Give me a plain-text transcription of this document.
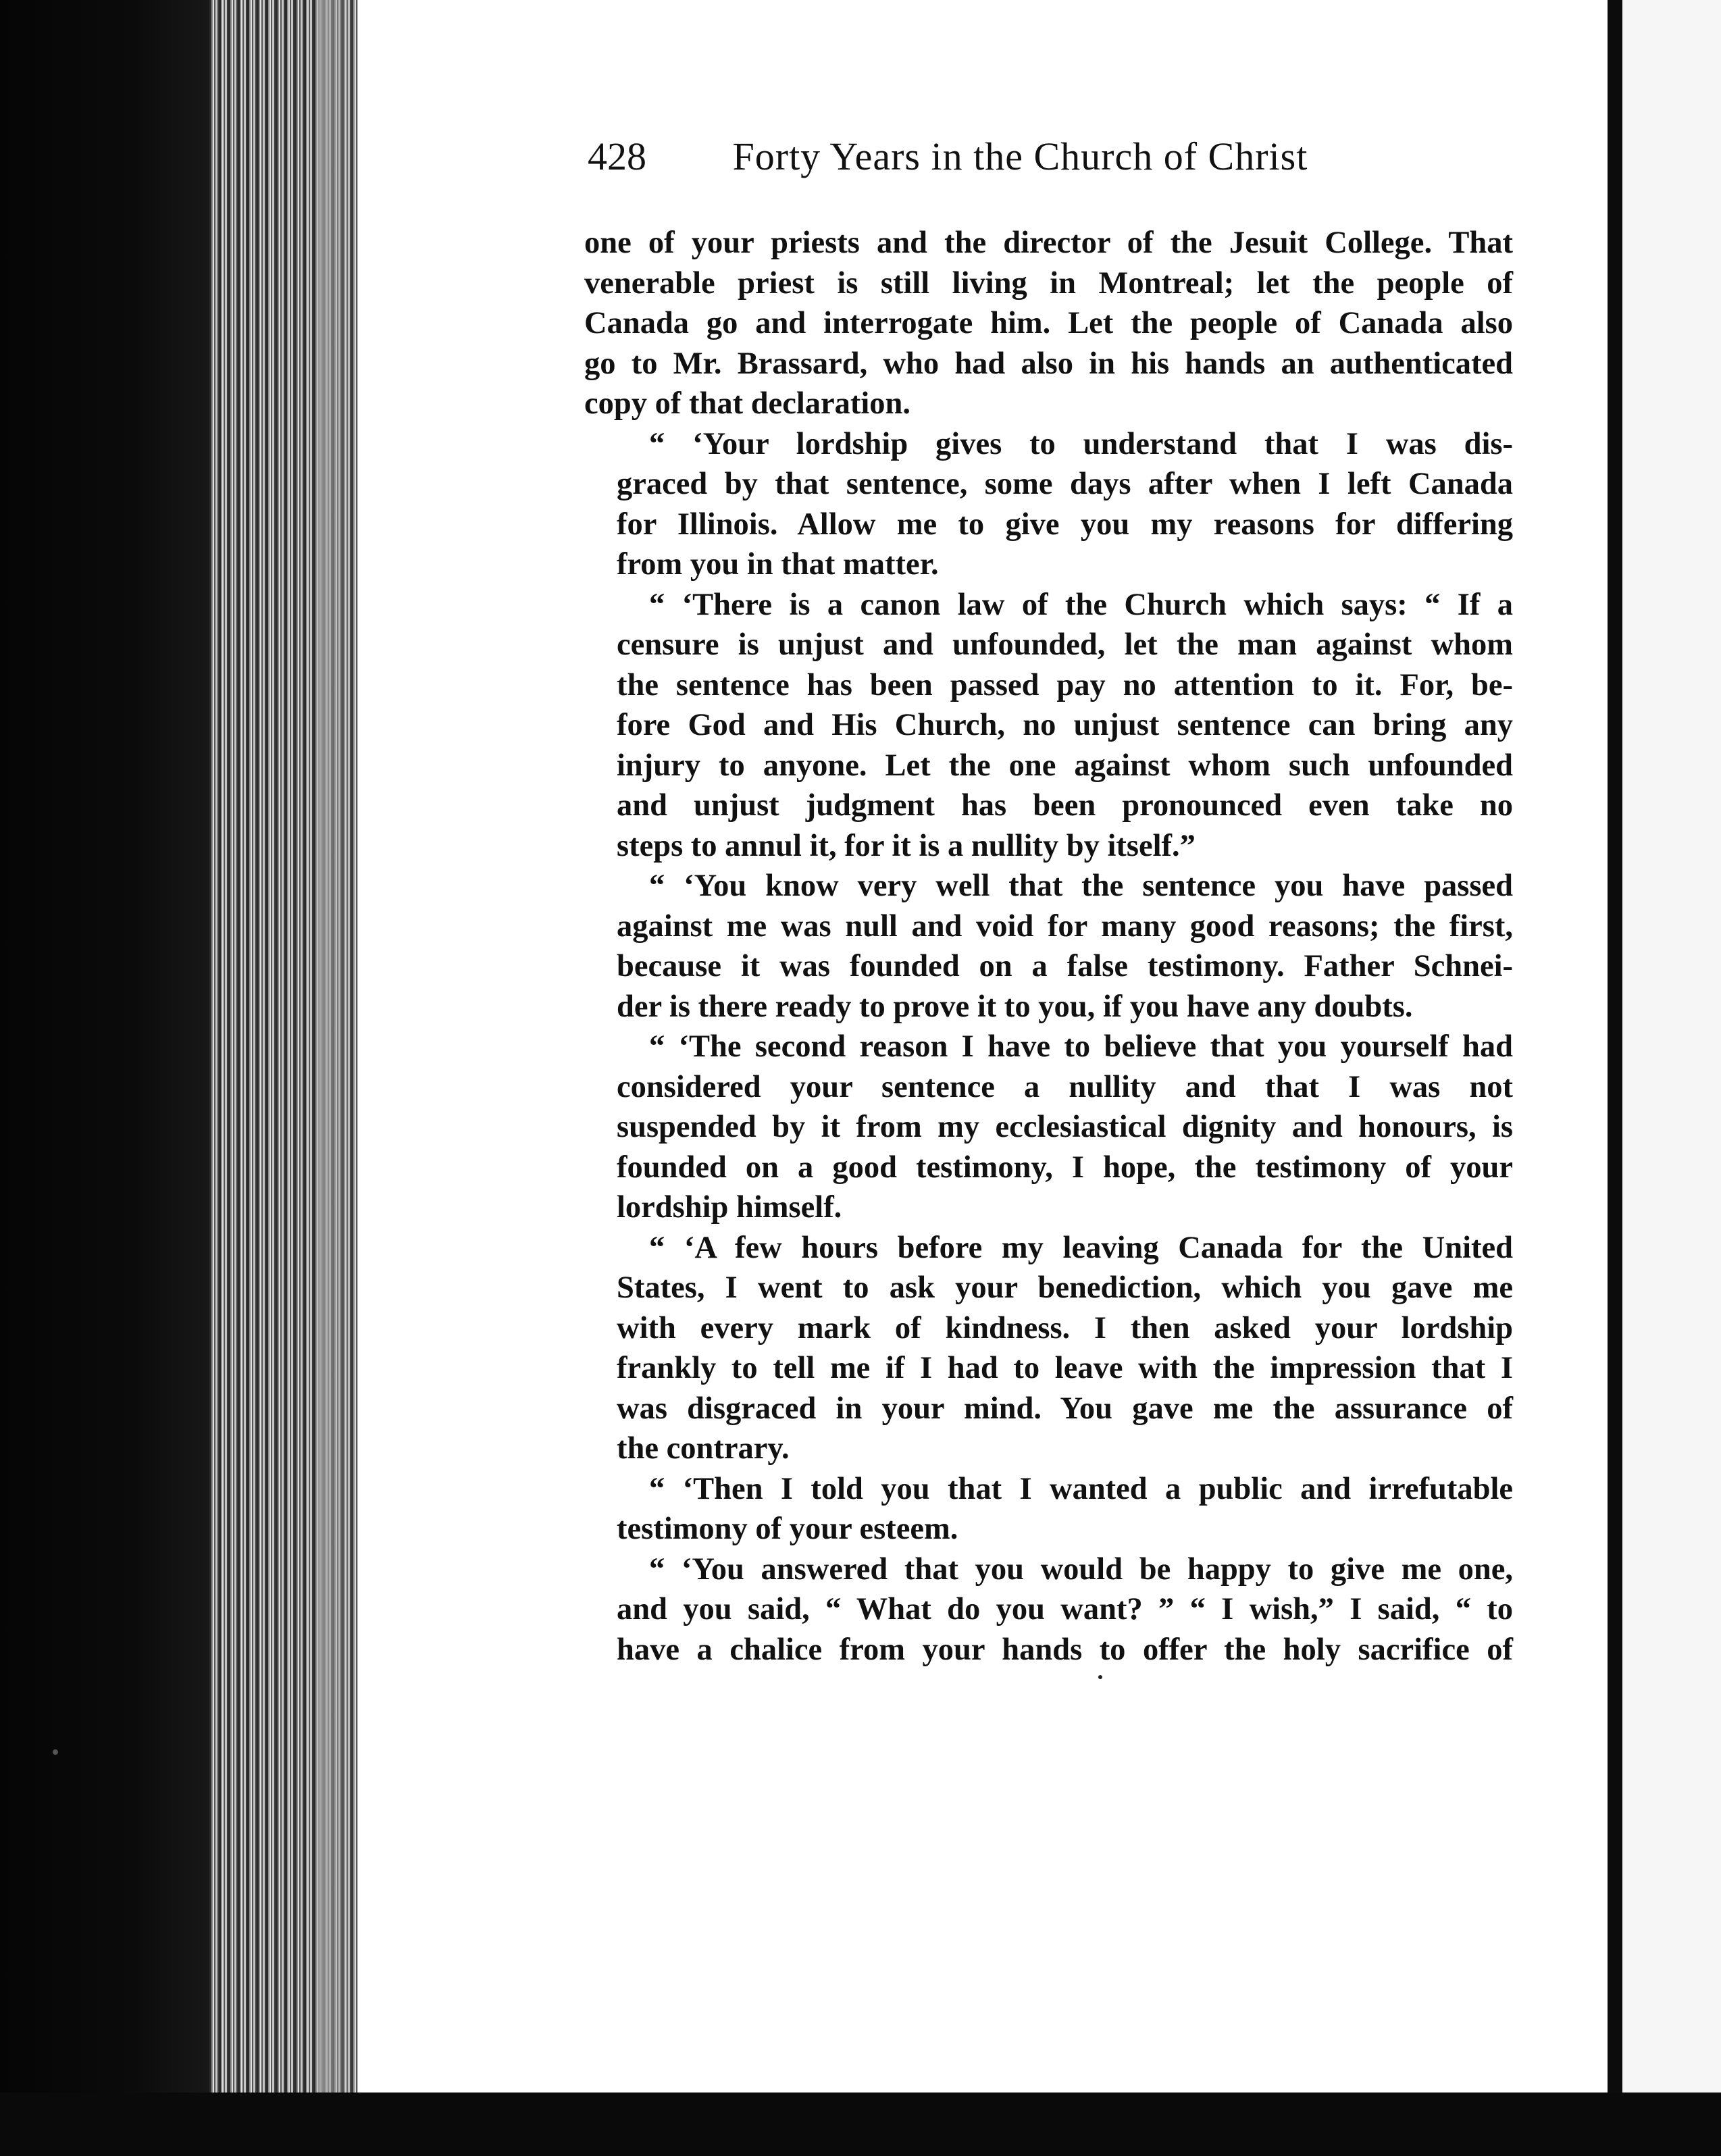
428 Forty Years in the Church of Christ
one of your priests and the director of the Jesuit College. That
venerable priest is still living in Montreal; let the people of
Canada go and interrogate him. Let the people of Canada also
go to Mr. Brassard, who had also in his hands an authenticated
copy of that declaration.
“ ‘Your lordship gives to understand that I was dis-
graced by that sentence, some days after when I left Canada
for Illinois. Allow me to give you my reasons for differing
from you in that matter.
“ ‘There is a canon law of the Church which says: “ If a
censure is unjust and unfounded, let the man against whom
the sentence has been passed pay no attention to it. For, be-
fore God and His Church, no unjust sentence can bring any
injury to anyone. Let the one against whom such unfounded
and unjust judgment has been pronounced even take no
steps to annul it, for it is a nullity by itself.”
“ ‘You know very well that the sentence you have passed
against me was null and void for many good reasons; the first,
because it was founded on a false testimony. Father Schnei-
der is there ready to prove it to you, if you have any doubts.
“ ‘The second reason I have to believe that you yourself had
considered your sentence a nullity and that I was not
suspended by it from my ecclesiastical dignity and honours, is
founded on a good testimony, I hope, the testimony of your
lordship himself.
“ ‘A few hours before my leaving Canada for the United
States, I went to ask your benediction, which you gave me
with every mark of kindness. I then asked your lordship
frankly to tell me if I had to leave with the impression that I
was disgraced in your mind. You gave me the assurance of
the contrary.
“ ‘Then I told you that I wanted a public and irrefutable
testimony of your esteem.
“ ‘You answered that you would be happy to give me one,
and you said, “ What do you want? ” “ I wish,” I said, “ to
have a chalice from your hands to offer the holy sacrifice of
